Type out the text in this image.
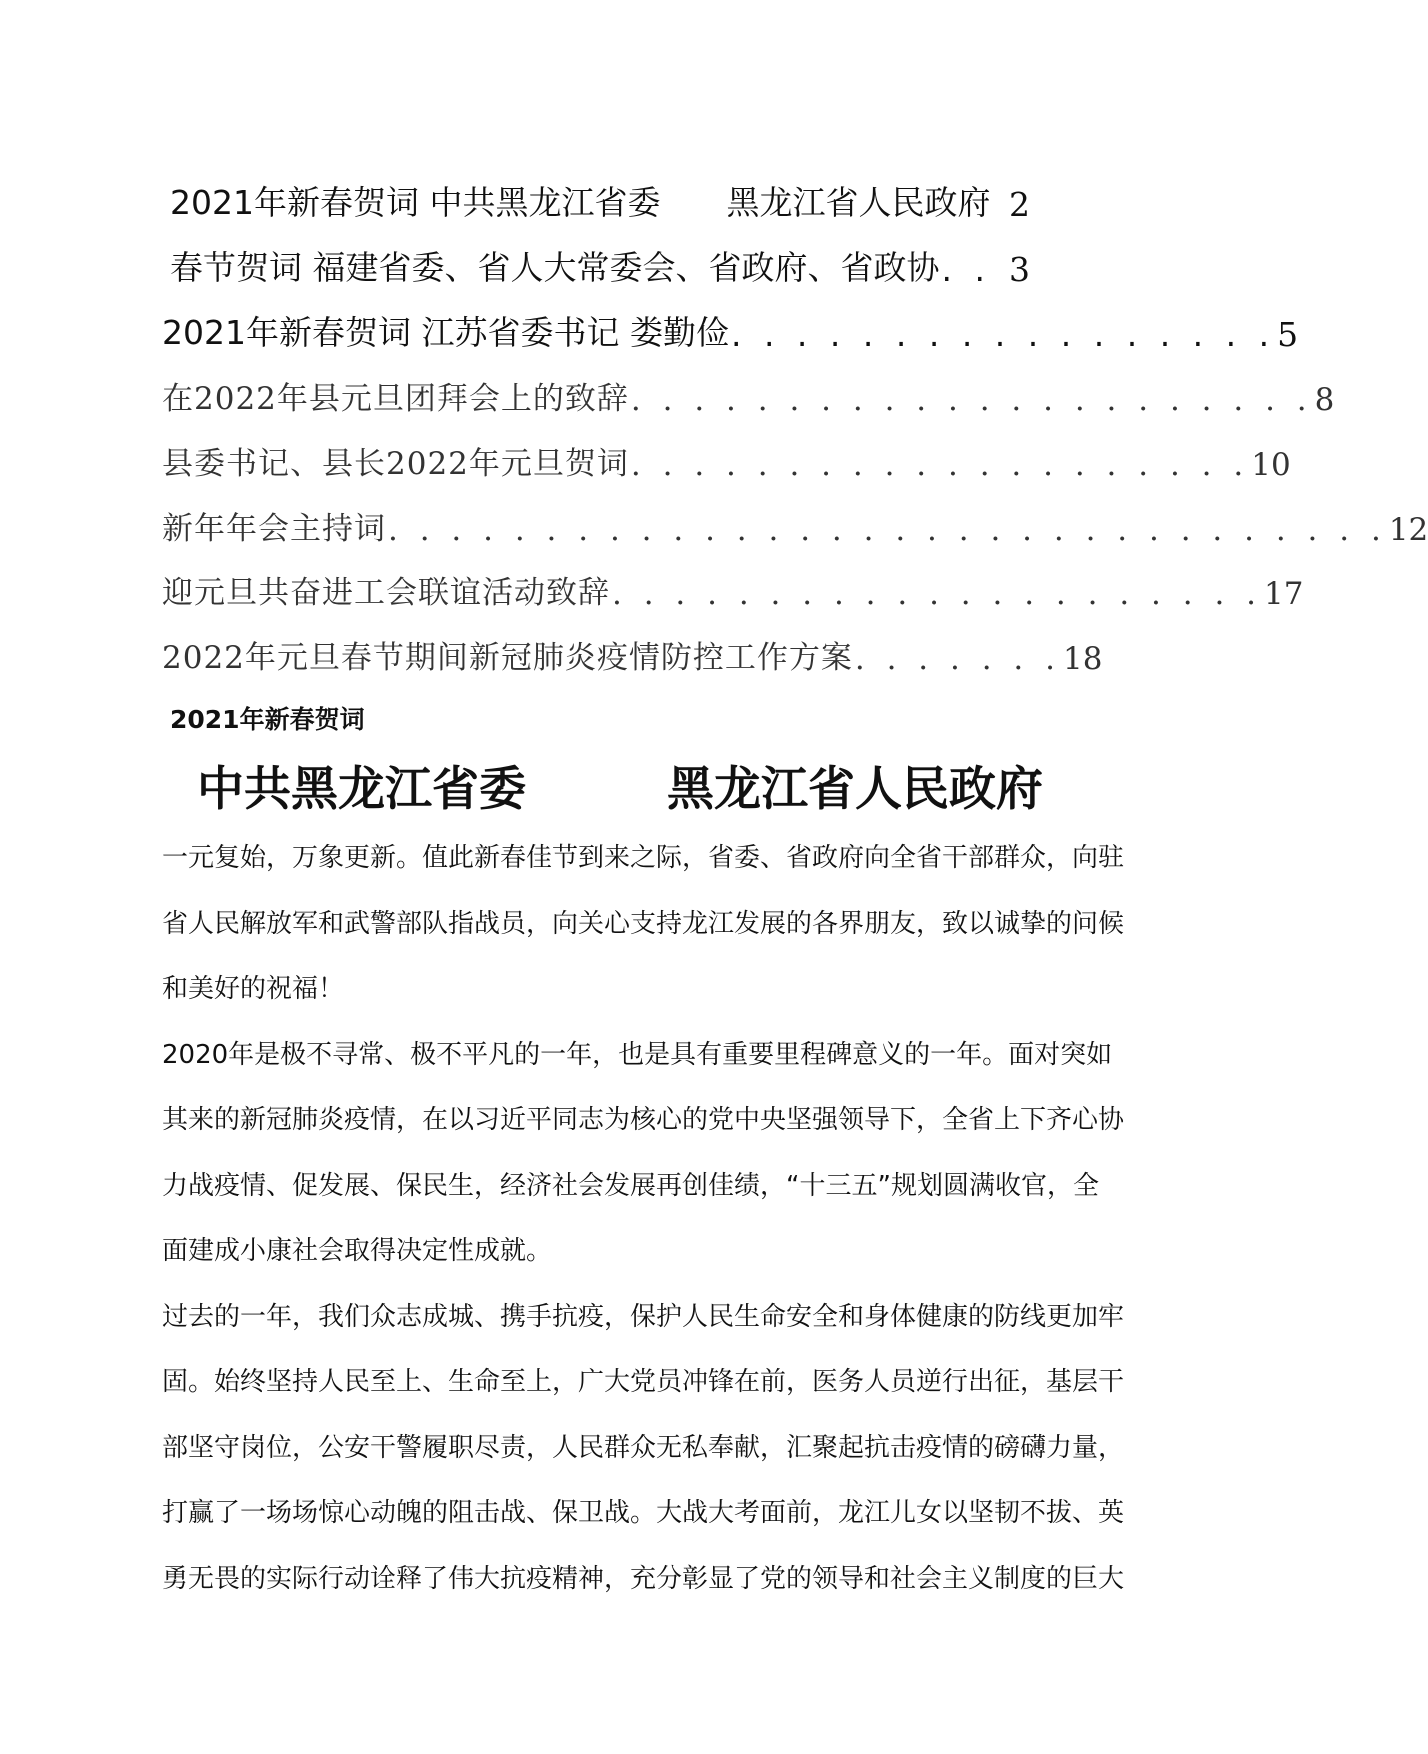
2021年新春贺词 中共黑龙江省委　　黑龙江省人民政府 2
春节贺词 福建省委、省人大常委会、省政府、省政协 . . 3
2021年新春贺词 江苏省委书记 娄勤俭 . . . . . . . . . . . . . . . . . 5
在2022年县元旦团拜会上的致辞 . . . . . . . . . . . . . . . . . . . . . . 8
县委书记、县长2022年元旦贺词 . . . . . . . . . . . . . . . . . . . . 10
新年年会主持词 . . . . . . . . . . . . . . . . . . . . . . . . . . . . . . . . 12
迎元旦共奋进工会联谊活动致辞 . . . . . . . . . . . . . . . . . . . . . 17
2022年元旦春节期间新冠肺炎疫情防控工作方案 . . . . . . . 18
2021年新春贺词
中共黑龙江省委　　　黑龙江省人民政府

一元复始，万象更新。值此新春佳节到来之际，省委、省政府向全省干部群众，向驻

省人民解放军和武警部队指战员，向关心支持龙江发展的各界朋友，致以诚挚的问候

和美好的祝福！

2020年是极不寻常、极不平凡的一年，也是具有重要里程碑意义的一年。面对突如

其来的新冠肺炎疫情，在以习近平同志为核心的党中央坚强领导下，全省上下齐心协

力战疫情、促发展、保民生，经济社会发展再创佳绩，“十三五”规划圆满收官，全

面建成小康社会取得决定性成就。

过去的一年，我们众志成城、携手抗疫，保护人民生命安全和身体健康的防线更加牢

固。始终坚持人民至上、生命至上，广大党员冲锋在前，医务人员逆行出征，基层干

部坚守岗位，公安干警履职尽责，人民群众无私奉献，汇聚起抗击疫情的磅礴力量，

打赢了一场场惊心动魄的阻击战、保卫战。大战大考面前，龙江儿女以坚韧不拔、英

勇无畏的实际行动诠释了伟大抗疫精神，充分彰显了党的领导和社会主义制度的巨大
